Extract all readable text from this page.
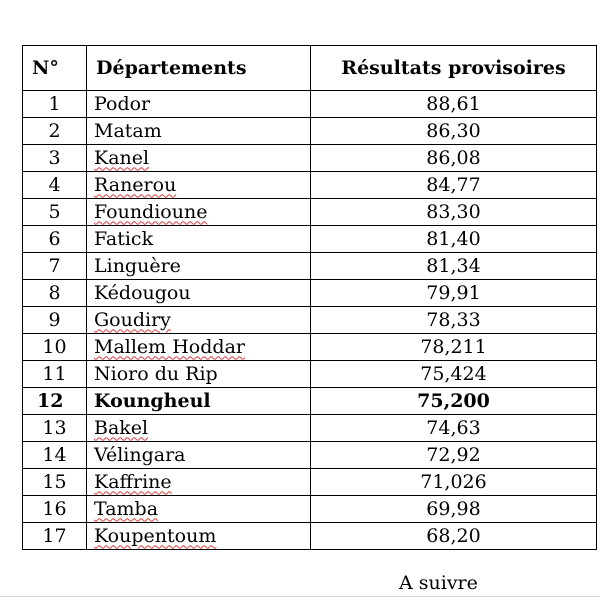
N°	Départements	Résultats provisoires
1	Podor	88,61
2	Matam	86,30
3	Kanel	86,08
4	Ranerou	84,77
5	Foundioune	83,30
6	Fatick	81,40
7	Linguère	81,34
8	Kédougou	79,91
9	Goudiry	78,33
10	Mallem Hoddar	78,211
11	Nioro du Rip	75,424
12	Koungheul	75,200
13	Bakel	74,63
14	Vélingara	72,92
15	Kaffrine	71,026
16	Tamba	69,98
17	Koupentoum	68,20
A suivre
